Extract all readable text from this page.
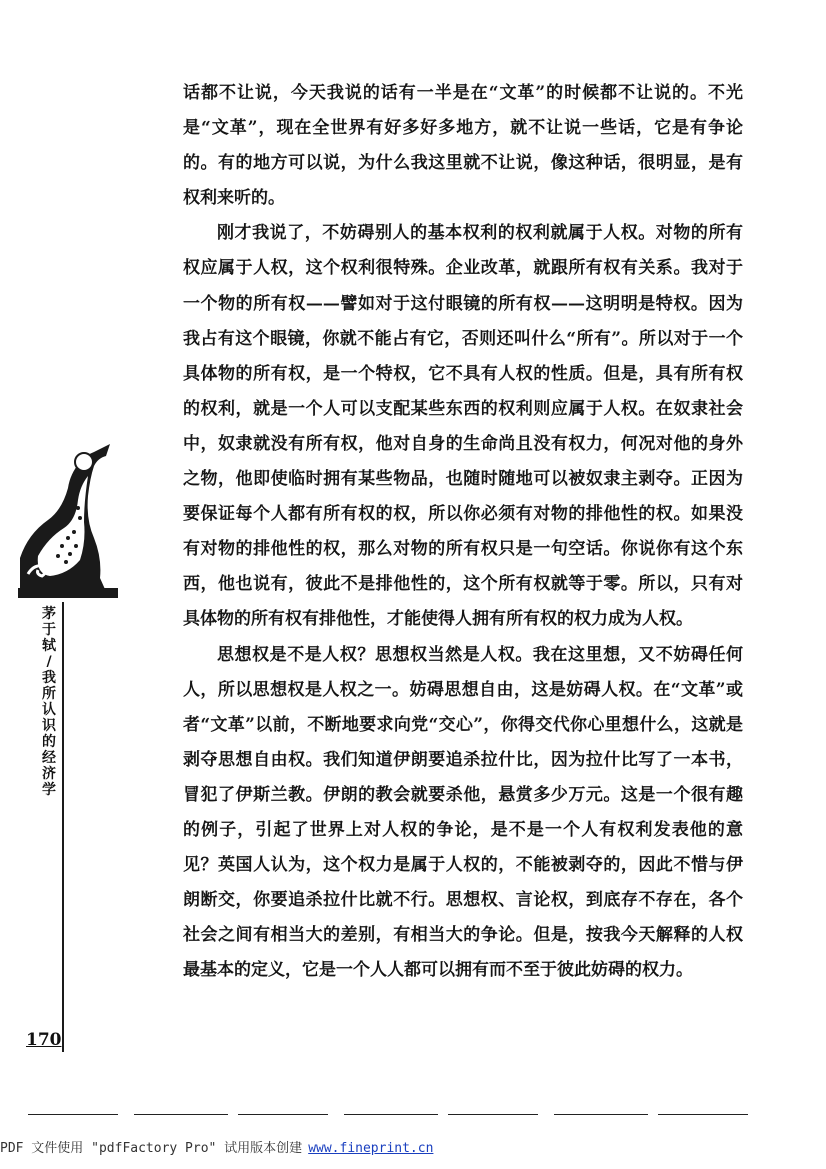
话都不让说，今天我说的话有一半是在“文革”的时候都不让说的。不光是“文革”，现在全世界有好多好多地方，就不让说一些话，它是有争论的。有的地方可以说，为什么我这里就不让说，像这种话，很明显，是有权利来听的。

刚才我说了，不妨碍别人的基本权利的权利就属于人权。对物的所有权应属于人权，这个权利很特殊。企业改革，就跟所有权有关系。我对于一个物的所有权——譬如对于这付眼镜的所有权——这明明是特权。因为我占有这个眼镜，你就不能占有它，否则还叫什么“所有”。所以对于一个具体物的所有权，是一个特权，它不具有人权的性质。但是，具有所有权的权利，就是一个人可以支配某些东西的权利则应属于人权。在奴隶社会中，奴隶就没有所有权，他对自身的生命尚且没有权力，何况对他的身外之物，他即使临时拥有某些物品，也随时随地可以被奴隶主剥夺。正因为要保证每个人都有所有权的权，所以你必须有对物的排他性的权。如果没有对物的排他性的权，那么对物的所有权只是一句空话。你说你有这个东西，他也说有，彼此不是排他性的，这个所有权就等于零。所以，只有对具体物的所有权有排他性，才能使得人拥有所有权的权力成为人权。

思想权是不是人权？思想权当然是人权。我在这里想，又不妨碍任何人，所以思想权是人权之一。妨碍思想自由，这是妨碍人权。在“文革”或者“文革”以前，不断地要求向党“交心”，你得交代你心里想什么，这就是剥夺思想自由权。我们知道伊朗要追杀拉什比，因为拉什比写了一本书，冒犯了伊斯兰教。伊朗的教会就要杀他，悬赏多少万元。这是一个很有趣的例子，引起了世界上对人权的争论，是不是一个人有权利发表他的意见？英国人认为，这个权力是属于人权的，不能被剥夺的，因此不惜与伊朗断交，你要追杀拉什比就不行。思想权、言论权，到底存不存在，各个社会之间有相当大的差别，有相当大的争论。但是，按我今天解释的人权最基本的定义，它是一个人人都可以拥有而不至于彼此妨碍的权力。

茅
于
轼
/
我
所
认
识
的
经
济
学
170
PDF 文件使用 "pdfFactory Pro" 试用版本创建 www.fineprint.cn
